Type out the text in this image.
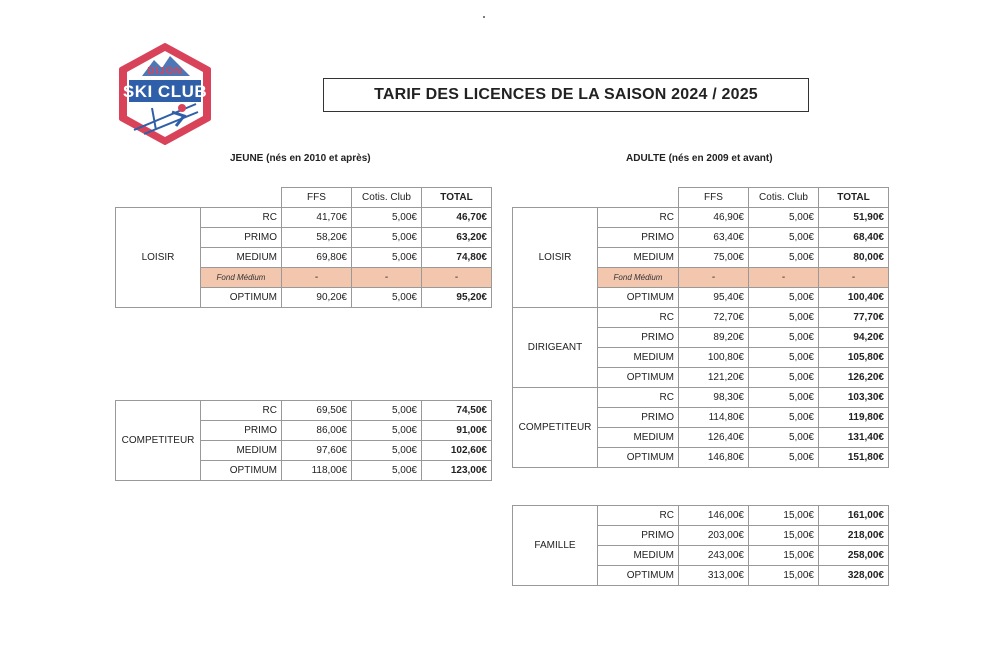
DIJON
SKI CLUB	TARIF DES LICENCES DE LA SAISON 2024 / 2025
JEUNE (nés en 2010 et après)	ADULTE (nés en 2009 et avant)
		FFS	Cotis. Club	TOTAL
LOISIR	RC	41,70€	5,00€	46,70€
	PRIMO	58,20€	5,00€	63,20€
	MEDIUM	69,80€	5,00€	74,80€
	Fond Médium	-	-	-
	OPTIMUM	90,20€	5,00€	95,20€
COMPETITEUR	RC	69,50€	5,00€	74,50€
	PRIMO	86,00€	5,00€	91,00€
	MEDIUM	97,60€	5,00€	102,60€
	OPTIMUM	118,00€	5,00€	123,00€
		FFS	Cotis. Club	TOTAL
LOISIR	RC	46,90€	5,00€	51,90€
	PRIMO	63,40€	5,00€	68,40€
	MEDIUM	75,00€	5,00€	80,00€
	Fond Médium	-	-	-
	OPTIMUM	95,40€	5,00€	100,40€
DIRIGEANT	RC	72,70€	5,00€	77,70€
	PRIMO	89,20€	5,00€	94,20€
	MEDIUM	100,80€	5,00€	105,80€
	OPTIMUM	121,20€	5,00€	126,20€
COMPETITEUR	RC	98,30€	5,00€	103,30€
	PRIMO	114,80€	5,00€	119,80€
	MEDIUM	126,40€	5,00€	131,40€
	OPTIMUM	146,80€	5,00€	151,80€
FAMILLE	RC	146,00€	15,00€	161,00€
	PRIMO	203,00€	15,00€	218,00€
	MEDIUM	243,00€	15,00€	258,00€
	OPTIMUM	313,00€	15,00€	328,00€
